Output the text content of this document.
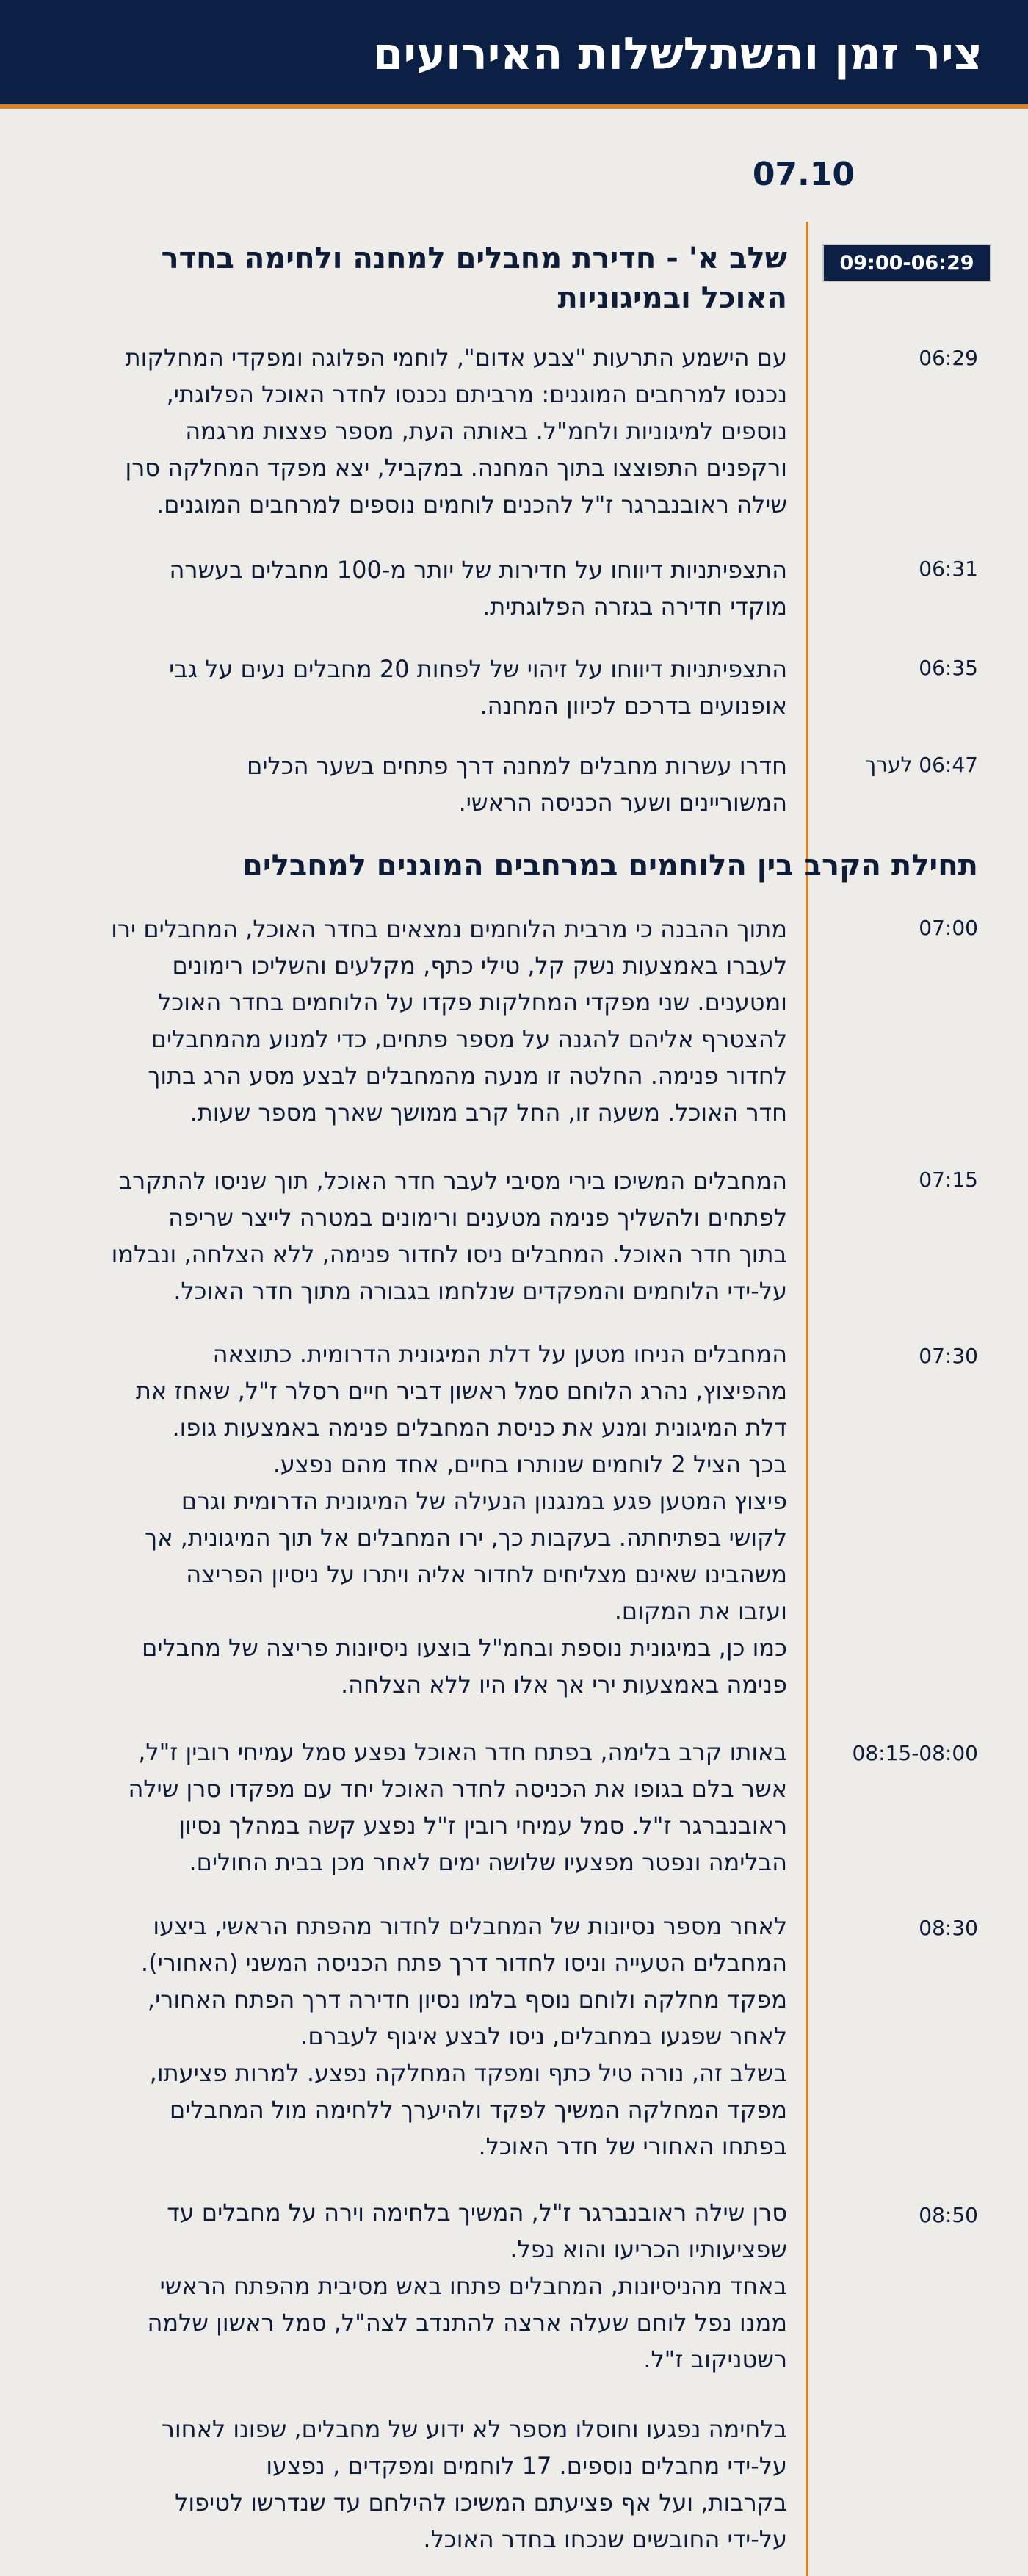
ציר זמן והשתלשלות האירועים
07.10
09:00-06:29
שלב א' - חדירת מחבלים למחנה ולחימה בחדר
האוכל ובמיגוניות
06:29
עם הישמע התרעות "צבע אדום", לוחמי הפלוגה ומפקדי המחלקות
נכנסו למרחבים המוגנים: מרביתם נכנסו לחדר האוכל הפלוגתי,
נוספים למיגוניות ולחמ"ל. באותה העת, מספר פצצות מרגמה
ורקפנים התפוצצו בתוך המחנה. במקביל, יצא מפקד המחלקה סרן
שילה ראובנברגר ז"ל להכנים לוחמים נוספים למרחבים המוגנים.
06:31
התצפיתניות דיווחו על חדירות של יותר מ-100 מחבלים בעשרה
מוקדי חדירה בגזרה הפלוגתית.
06:35
התצפיתניות דיווחו על זיהוי של לפחות 20 מחבלים נעים על גבי
אופנועים בדרכם לכיוון המחנה.
06:47 לערך
חדרו עשרות מחבלים למחנה דרך פתחים בשער הכלים
המשוריינים ושער הכניסה הראשי.
תחילת הקרב בין הלוחמים במרחבים המוגנים למחבלים
07:00
מתוך ההבנה כי מרבית הלוחמים נמצאים בחדר האוכל, המחבלים ירו
לעברו באמצעות נשק קל, טילי כתף, מקלעים והשליכו רימונים
ומטענים. שני מפקדי המחלקות פקדו על הלוחמים בחדר האוכל
להצטרף אליהם להגנה על מספר פתחים, כדי למנוע מהמחבלים
לחדור פנימה. החלטה זו מנעה מהמחבלים לבצע מסע הרג בתוך
חדר האוכל. משעה זו, החל קרב ממושך שארך מספר שעות.
07:15
המחבלים המשיכו בירי מסיבי לעבר חדר האוכל, תוך שניסו להתקרב
לפתחים ולהשליך פנימה מטענים ורימונים במטרה לייצר שריפה
בתוך חדר האוכל. המחבלים ניסו לחדור פנימה, ללא הצלחה, ונבלמו
על-ידי הלוחמים והמפקדים שנלחמו בגבורה מתוך חדר האוכל.
07:30
המחבלים הניחו מטען על דלת המיגונית הדרומית. כתוצאה
מהפיצוץ, נהרג הלוחם סמל ראשון דביר חיים רסלר ז"ל, שאחז את
דלת המיגונית ומנע את כניסת המחבלים פנימה באמצעות גופו.
בכך הציל 2 לוחמים שנותרו בחיים, אחד מהם נפצע.
פיצוץ המטען פגע במנגנון הנעילה של המיגונית הדרומית וגרם
לקושי בפתיחתה. בעקבות כך, ירו המחבלים אל תוך המיגונית, אך
משהבינו שאינם מצליחים לחדור אליה ויתרו על ניסיון הפריצה
ועזבו את המקום.
כמו כן, במיגונית נוספת ובחמ"ל בוצעו ניסיונות פריצה של מחבלים
פנימה באמצעות ירי אך אלו היו ללא הצלחה.
08:15-08:00
באותו קרב בלימה, בפתח חדר האוכל נפצע סמל עמיחי רובין ז"ל,
אשר בלם בגופו את הכניסה לחדר האוכל יחד עם מפקדו סרן שילה
ראובנברגר ז"ל. סמל עמיחי רובין ז"ל נפצע קשה במהלך נסיון
הבלימה ונפטר מפצעיו שלושה ימים לאחר מכן בבית החולים.
08:30
לאחר מספר נסיונות של המחבלים לחדור מהפתח הראשי, ביצעו
המחבלים הטעייה וניסו לחדור דרך פתח הכניסה המשני (האחורי).
מפקד מחלקה ולוחם נוסף בלמו נסיון חדירה דרך הפתח האחורי,
לאחר שפגעו במחבלים, ניסו לבצע איגוף לעברם.
בשלב זה, נורה טיל כתף ומפקד המחלקה נפצע. למרות פציעתו,
מפקד המחלקה המשיך לפקד ולהיערך ללחימה מול המחבלים
בפתחו האחורי של חדר האוכל.
08:50
סרן שילה ראובנברגר ז"ל, המשיך בלחימה וירה על מחבלים עד
שפציעותיו הכריעו והוא נפל.
באחד מהניסיונות, המחבלים פתחו באש מסיבית מהפתח הראשי
ממנו נפל לוחם שעלה ארצה להתנדב לצה"ל, סמל ראשון שלמה
רשטניקוב ז"ל.
בלחימה נפגעו וחוסלו מספר לא ידוע של מחבלים, שפונו לאחור
על-ידי מחבלים נוספים. 17 לוחמים ומפקדים , נפצעו
בקרבות, ועל אף פציעתם המשיכו להילחם עד שנדרשו לטיפול
על-ידי החובשים שנכחו בחדר האוכל.
